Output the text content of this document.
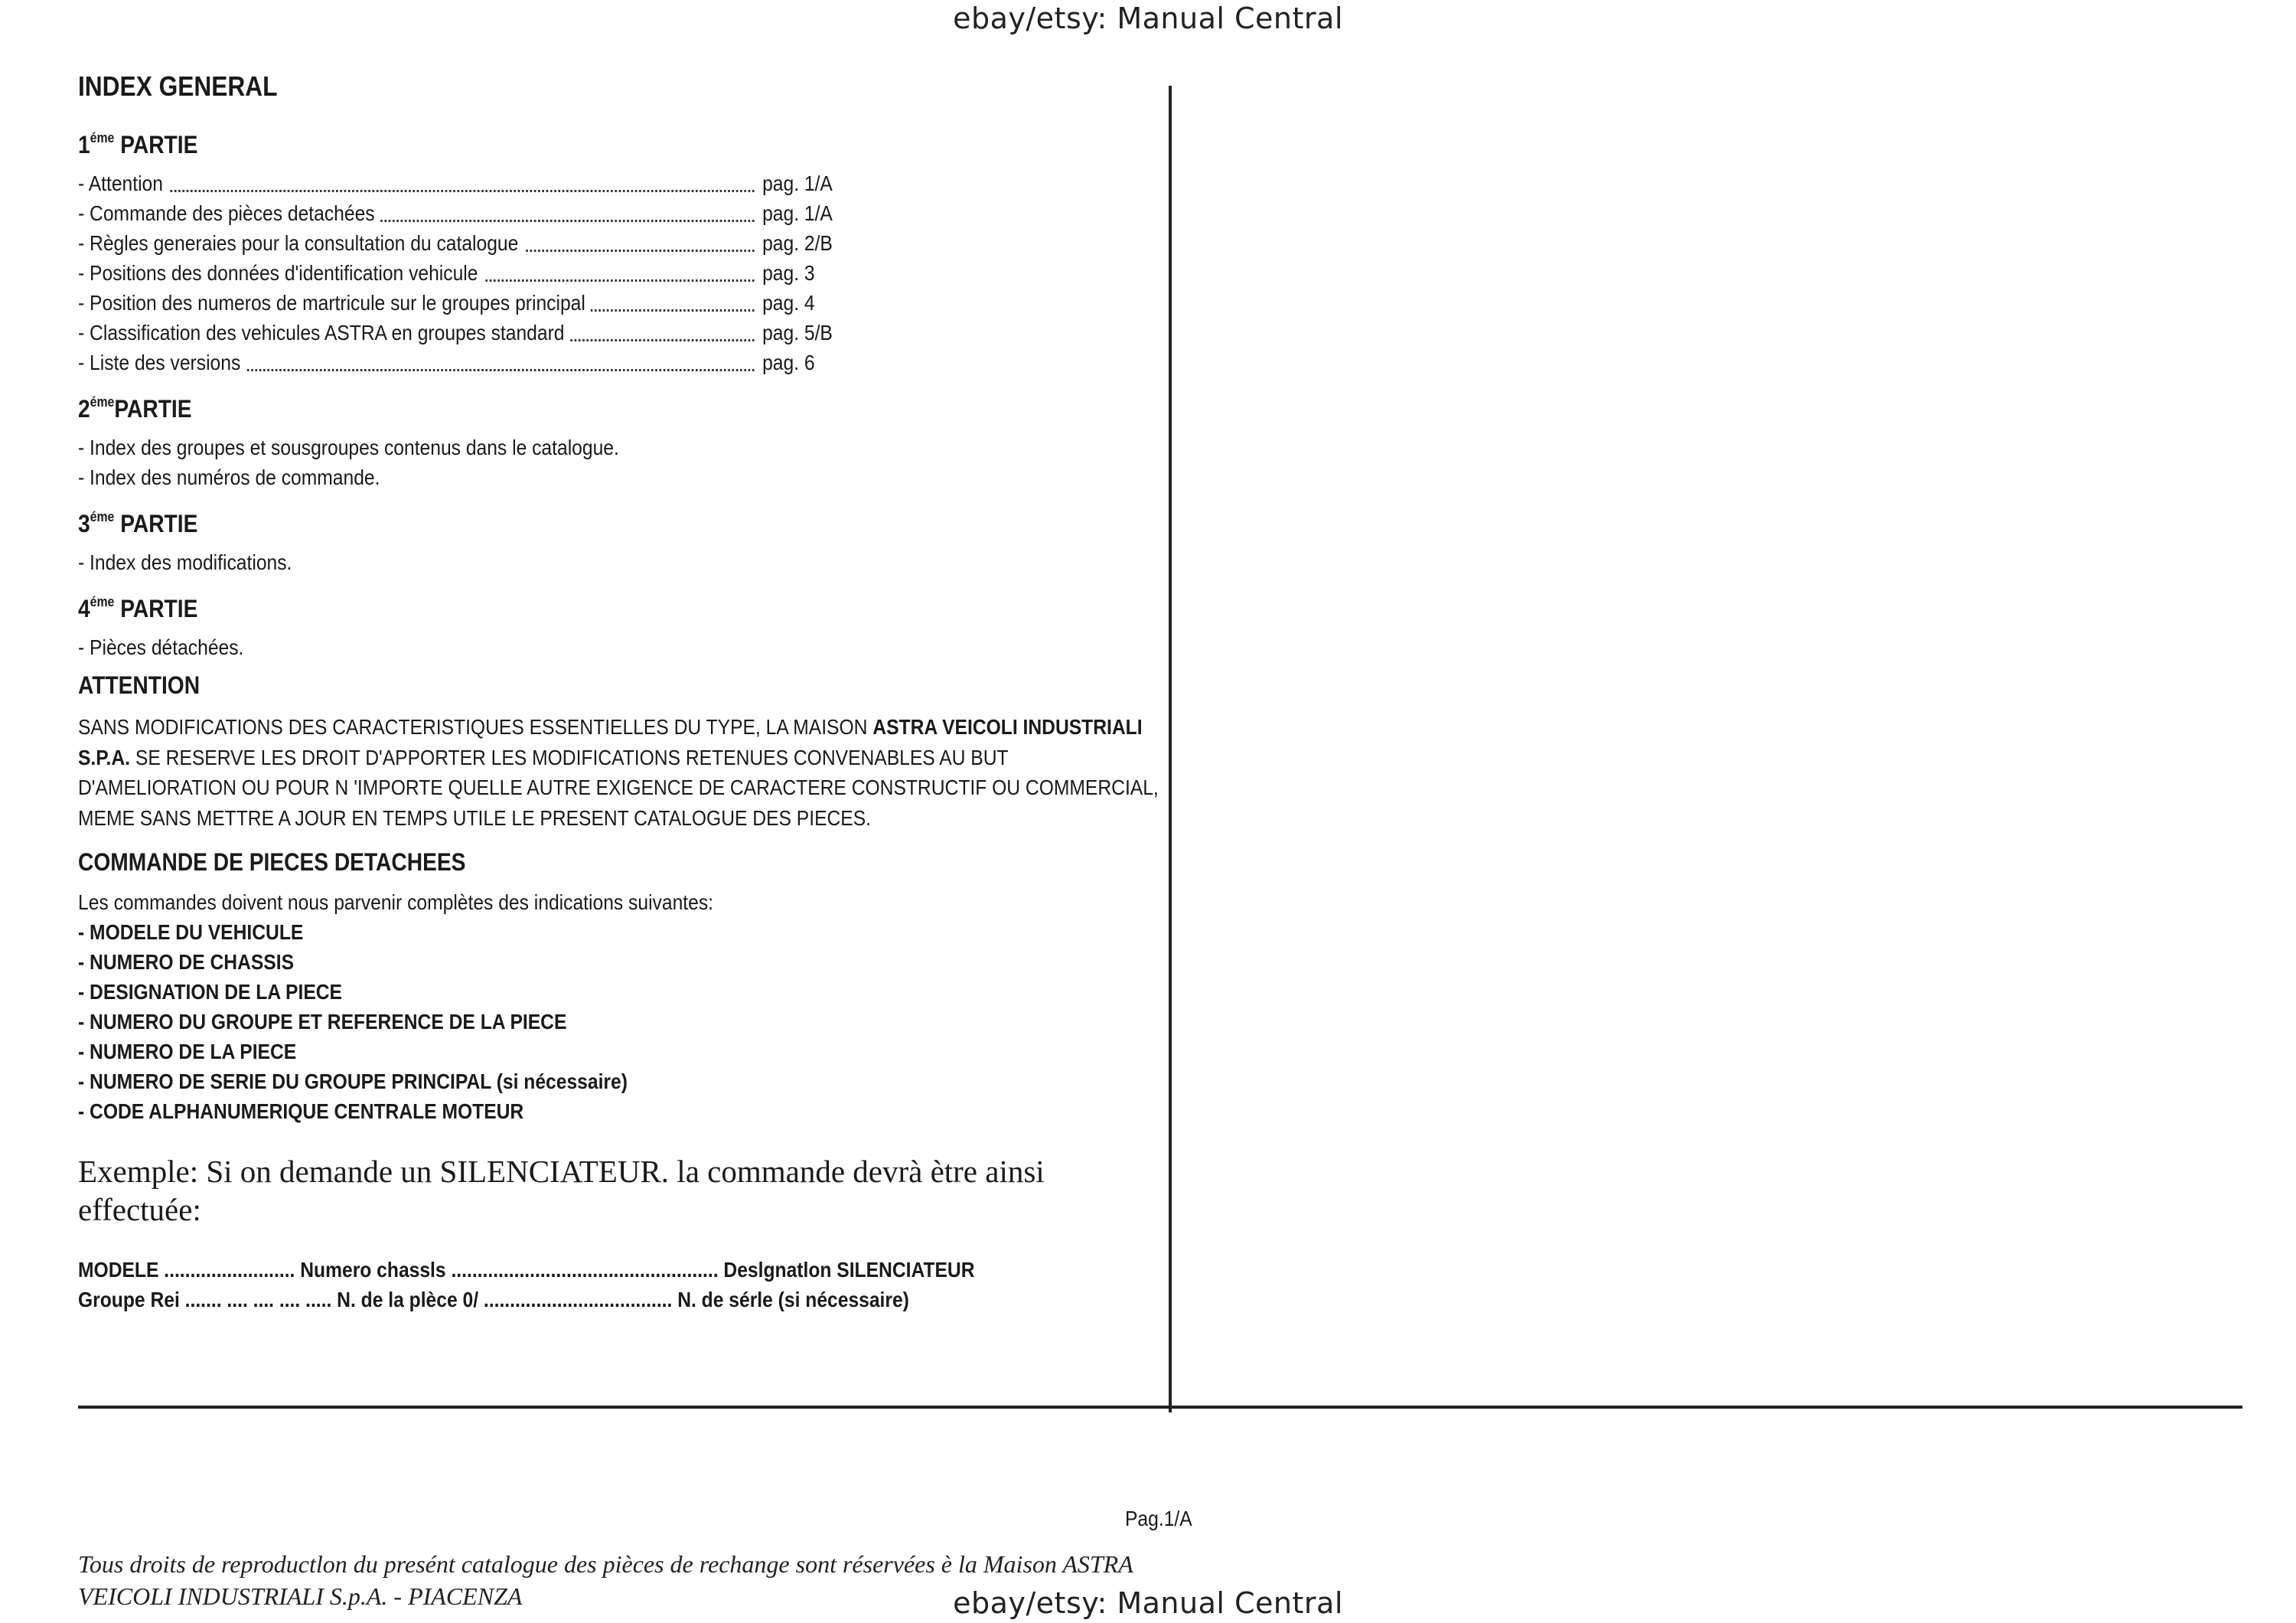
ebay/etsy: Manual Central
INDEX GENERAL
$1^{éme}$ PARTIE
- Attention	pag. 1/A
- Commande des pièces detachées	pag. 1/A
- Règles generaies pour la consultation du catalogue	pag. 2/B
- Positions des données d'identification vehicule	pag. 3
- Position des numeros de martricule sur le groupes principal	pag. 4
- Classification des vehicules ASTRA en groupes standard	pag. 5/B
- Liste des versions	pag. 6
$2^{éme}PARTIE$
- Index des groupes et sousgroupes contenus dans le catalogue.
- Index des numéros de commande.
$3^{éme}$ PARTIE
- Index des modifications.
$4^{éme}$ PARTIE
- Pièces détachées.
ATTENTION

SANS MODIFICATIONS DES CARACTERISTIQUES ESSENTIELLES DU TYPE, LA MAISON ASTRA VEICOLI INDUSTRIALI S.P.A. SE RESERVE LES DROIT D'APPORTER LES MODIFICATIONS RETENUES CONVENABLES AU BUT D'AMELIORATION OU POUR N 'IMPORTE QUELLE AUTRE EXIGENCE DE CARACTERE CONSTRUCTIF OU COMMERCIAL, MEME SANS METTRE A JOUR EN TEMPS UTILE LE PRESENT CATALOGUE DES PIECES.

COMMANDE DE PIECES DETACHEES
Les commandes doivent nous parvenir complètes des indications suivantes:
- MODELE DU VEHICULE
- NUMERO DE CHASSIS
- DESIGNATION DE LA PIECE
- NUMERO DU GROUPE ET REFERENCE DE LA PIECE
- NUMERO DE LA PIECE
- NUMERO DE SERIE DU GROUPE PRINCIPAL (si nécessaire)
- CODE ALPHANUMERIQUE CENTRALE MOTEUR

Exemple: Si on demande un SILENCIATEUR. la commande devrà ètre ainsi effectuée:

MODELE ......................... Numero chassls ................................................... Deslgnatlon SILENCIATEUR
Groupe Rei ....... .... .... .... ..... N. de la plèce 0/ .................................... N. de sérle (si nécessaire)
Pag.1/A
Tous droits de reproductlon du presént catalogue des pièces de rechange sont réservées è la Maison ASTRA VEICOLI INDUSTRIALI S.p.A. - PIACENZA	ebay/etsy: Manual Central
